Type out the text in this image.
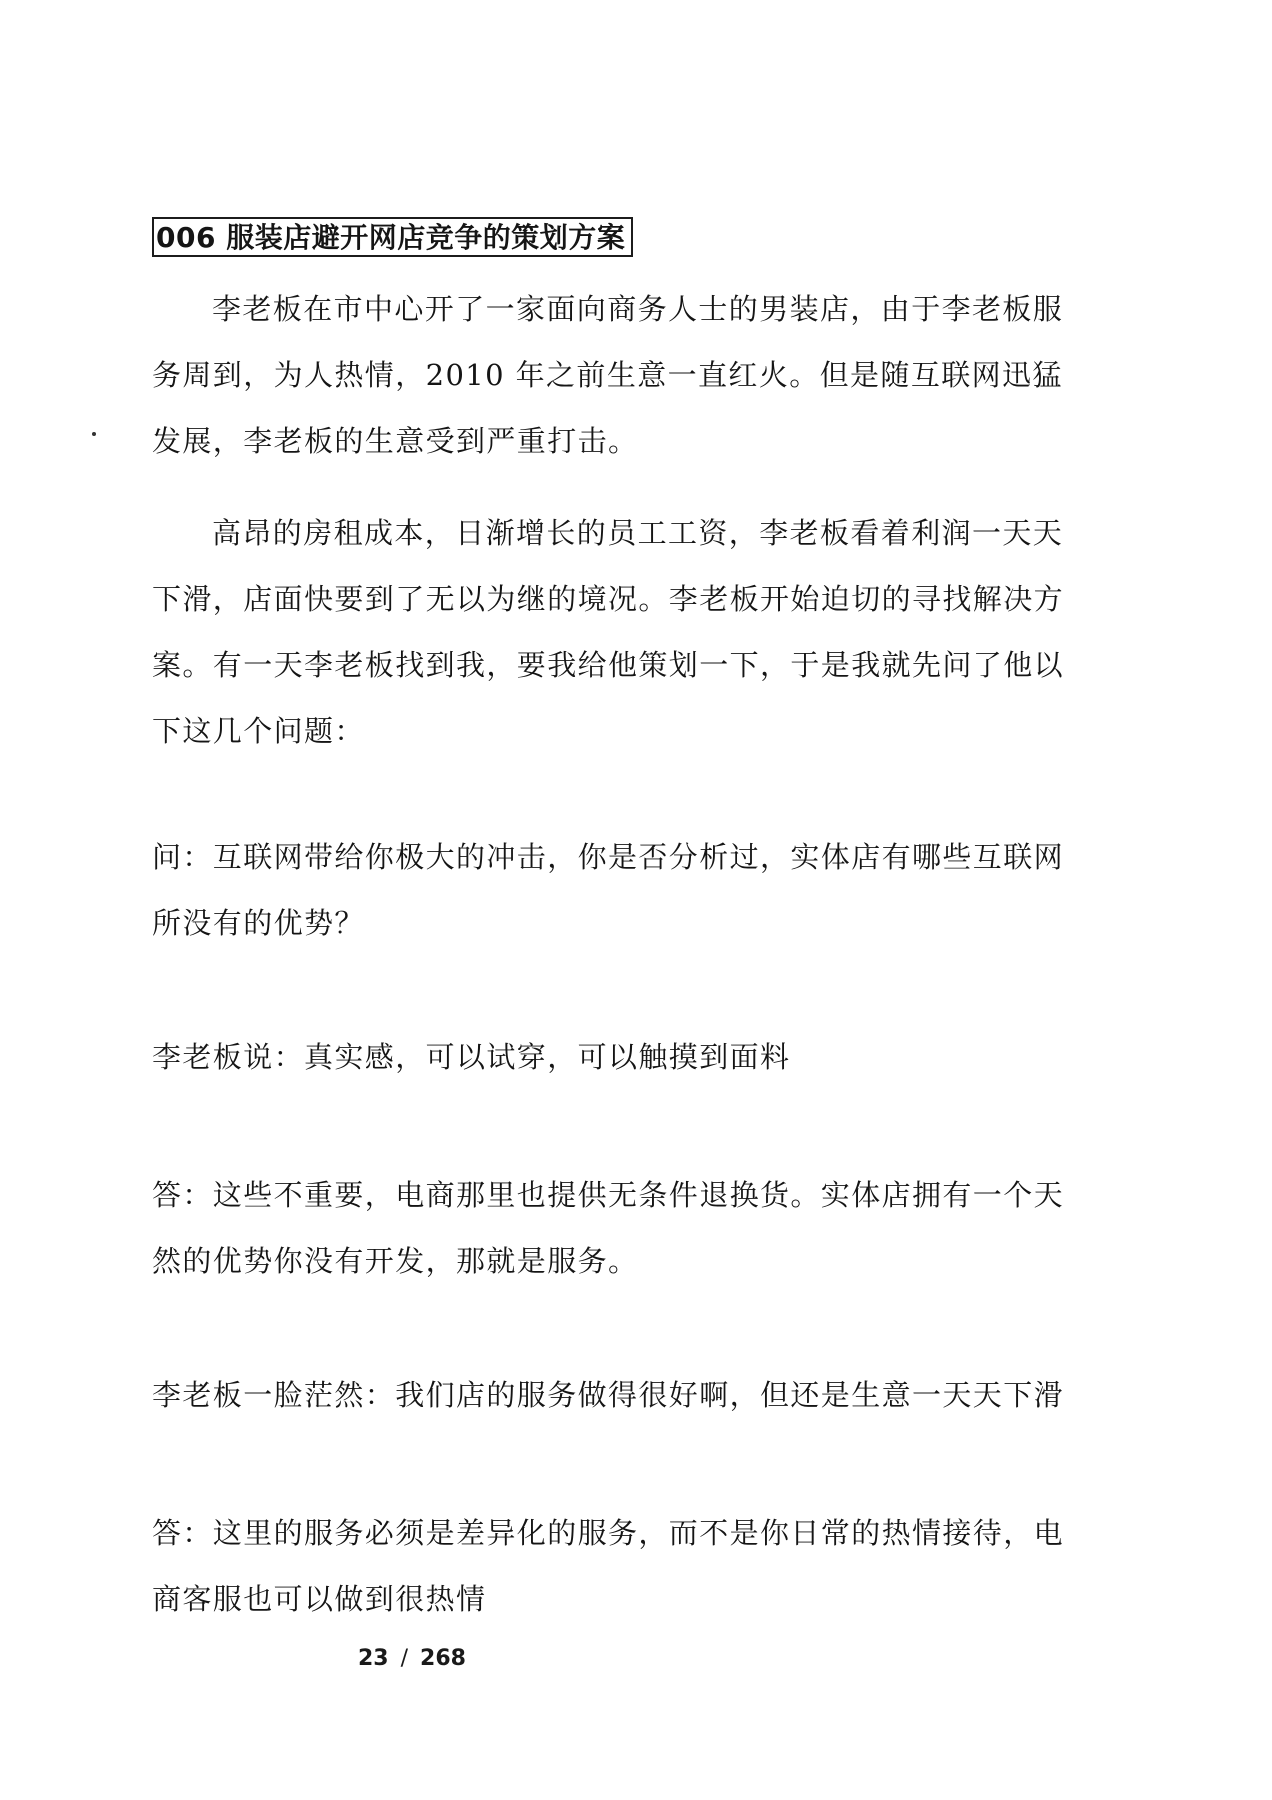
006 服装店避开网店竞争的策划方案

李老板在市中心开了一家面向商务人士的男装店，由于李老板服务周到，为人热情，2010 年之前生意一直红火。但是随互联网迅猛发展，李老板的生意受到严重打击。

高昂的房租成本，日渐增长的员工工资，李老板看着利润一天天下滑，店面快要到了无以为继的境况。李老板开始迫切的寻找解决方案。有一天李老板找到我，要我给他策划一下，于是我就先问了他以下这几个问题：

问：互联网带给你极大的冲击，你是否分析过，实体店有哪些互联网所没有的优势？

李老板说：真实感，可以试穿，可以触摸到面料

答：这些不重要，电商那里也提供无条件退换货。实体店拥有一个天然的优势你没有开发，那就是服务。

李老板一脸茫然：我们店的服务做得很好啊，但还是生意一天天下滑

答：这里的服务必须是差异化的服务，而不是你日常的热情接待，电商客服也可以做到很热情

23 / 268
